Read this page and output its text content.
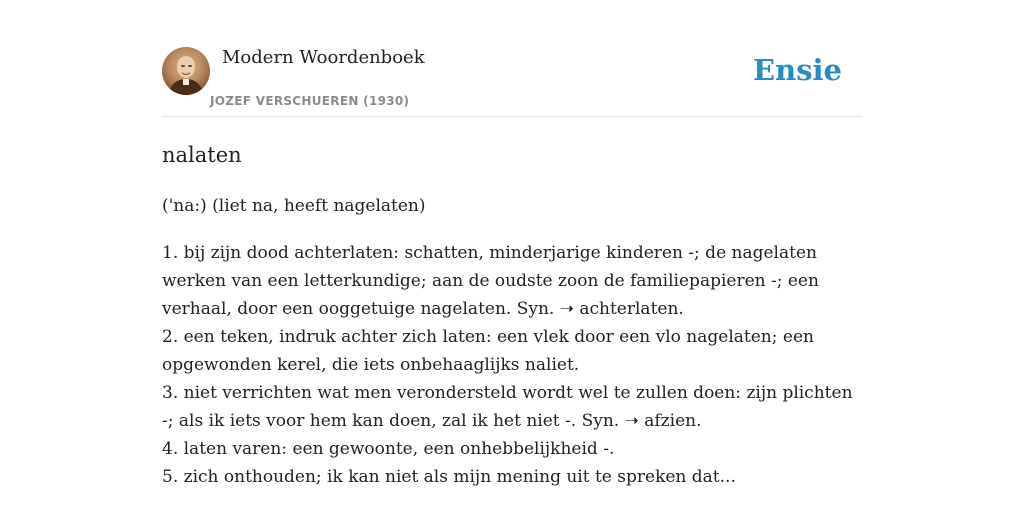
Modern Woordenboek
JOZEF VERSCHUEREN (1930)
Ensie
nalaten
('na:) (liet na, heeft nagelaten)
1. bij zijn dood achterlaten: schatten, minderjarige kinderen -; de nagelaten werken van een letterkundige; aan de oudste zoon de familiepapieren -; een verhaal, door een ooggetuige nagelaten. Syn. ➝ achterlaten.
2. een teken, indruk achter zich laten: een vlek door een vlo nagelaten; een opgewonden kerel, die iets onbehaaglijks naliet.
3. niet verrichten wat men verondersteld wordt wel te zullen doen: zijn plichten -; als ik iets voor hem kan doen, zal ik het niet -. Syn. ➝ afzien.
4. laten varen: een gewoonte, een onhebbelijkheid -.
5. zich onthouden; ik kan niet als mijn mening uit te spreken dat...
